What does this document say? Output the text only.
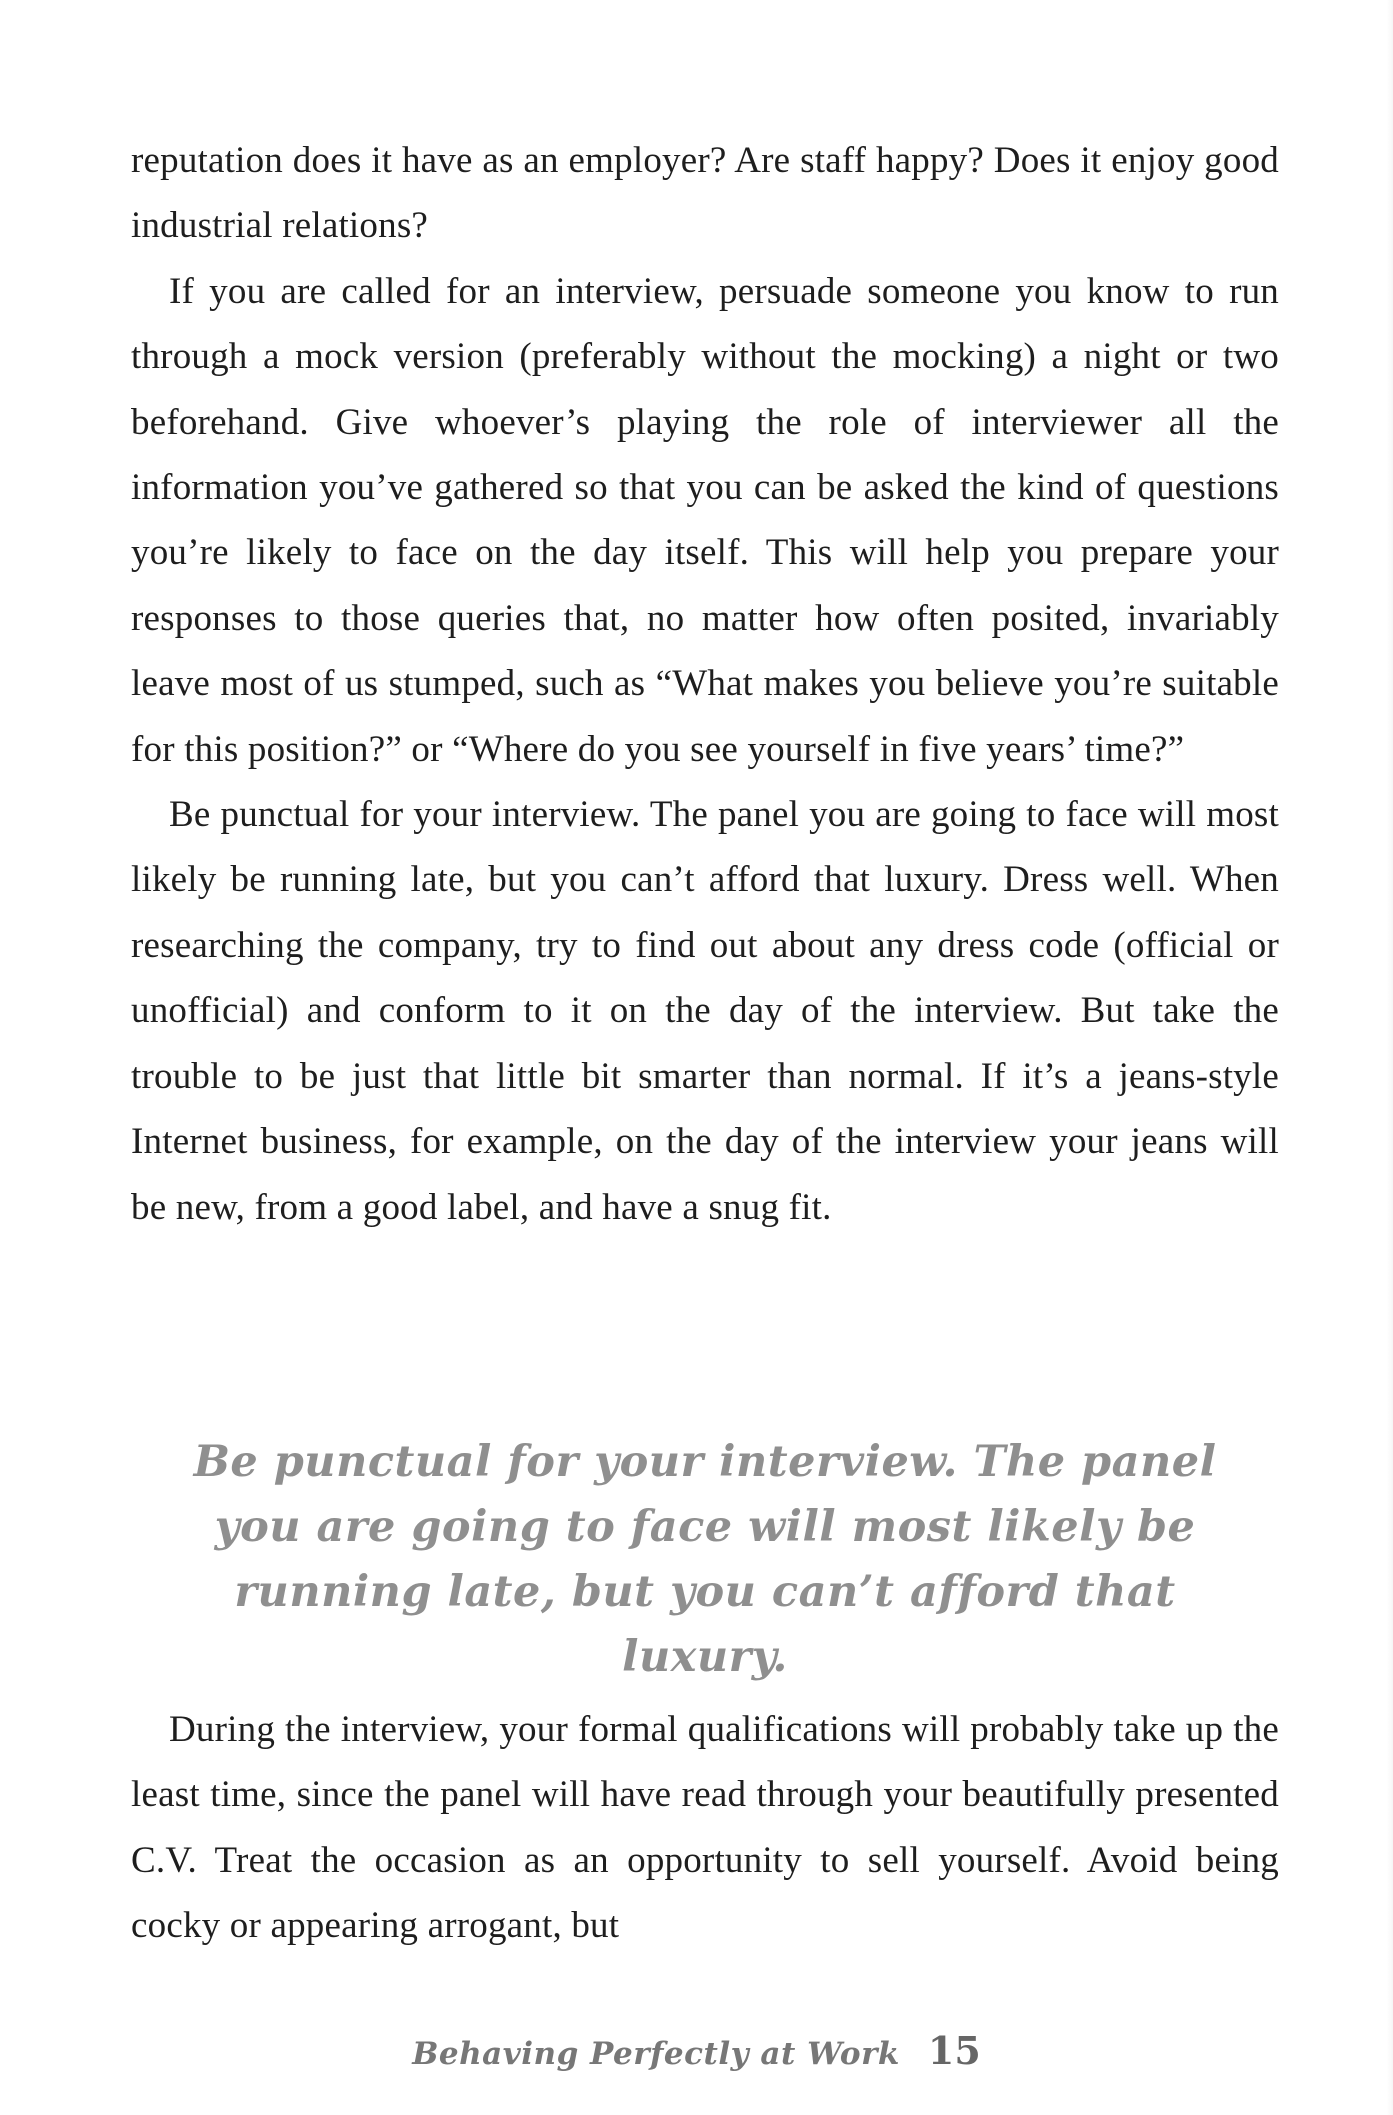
reputation does it have as an employer? Are staff happy? Does it enjoy good industrial relations?

If you are called for an interview, persuade someone you know to run through a mock version (preferably without the mocking) a night or two beforehand. Give whoever’s playing the role of interviewer all the information you’ve gathered so that you can be asked the kind of questions you’re likely to face on the day itself. This will help you prepare your responses to those queries that, no matter how often posited, invariably leave most of us stumped, such as “What makes you believe you’re suitable for this position?” or “Where do you see yourself in five years’ time?”

Be punctual for your interview. The panel you are going to face will most likely be running late, but you can’t afford that luxury. Dress well. When researching the company, try to find out about any dress code (official or unofficial) and conform to it on the day of the interview. But take the trouble to be just that little bit smarter than normal. If it’s a jeans-style Internet business, for example, on the day of the interview your jeans will be new, from a good label, and have a snug fit.

Be punctual for your interview. The panel you are going to face will most likely be running late, but you can’t afford that luxury.

During the interview, your formal qualifications will probably take up the least time, since the panel will have read through your beautifully presented C.V. Treat the occasion as an opportunity to sell yourself. Avoid being cocky or appearing arrogant, but

Behaving Perfectly at Work 15
